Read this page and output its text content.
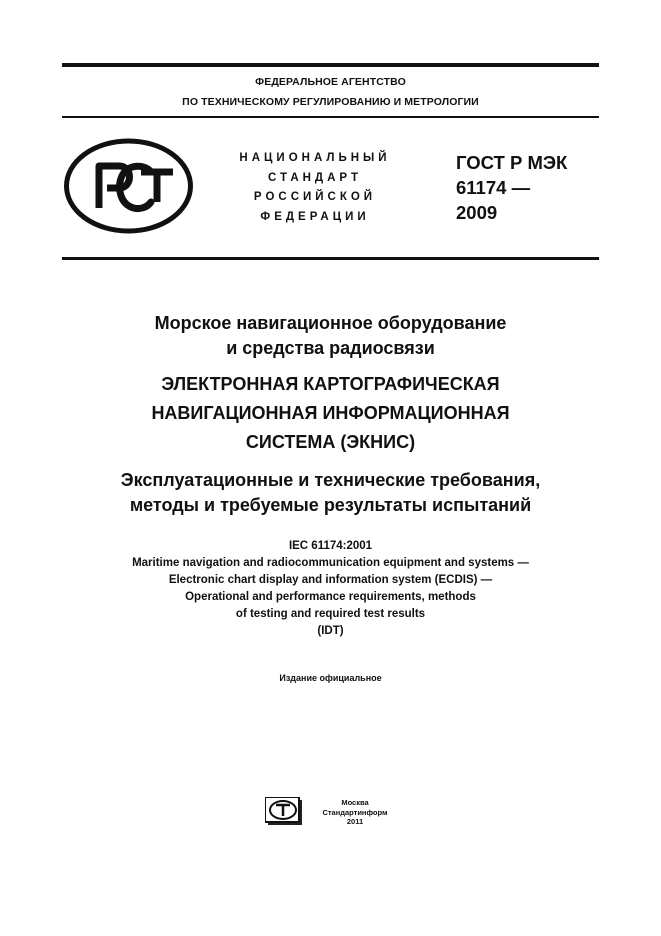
ФЕДЕРАЛЬНОЕ АГЕНТСТВО
ПО ТЕХНИЧЕСКОМУ РЕГУЛИРОВАНИЮ И МЕТРОЛОГИИ
НАЦИОНАЛЬНЫЙ
СТАНДАРТ
РОССИЙСКОЙ
ФЕДЕРАЦИИ
ГОСТ Р МЭК
61174 —
2009
Морское навигационное оборудование
и средства радиосвязи
ЭЛЕКТРОННАЯ КАРТОГРАФИЧЕСКАЯ
НАВИГАЦИОННАЯ ИНФОРМАЦИОННАЯ
СИСТЕМА (ЭКНИС)
Эксплуатационные и технические требования,
методы и требуемые результаты испытаний
IEC 61174:2001
Maritime navigation and radiocommunication equipment and systems —
Electronic chart display and information system (ECDIS) —
Operational and performance requirements, methods
of testing and required test results
(IDT)
Издание официальное
Москва
Стандартинформ
2011
